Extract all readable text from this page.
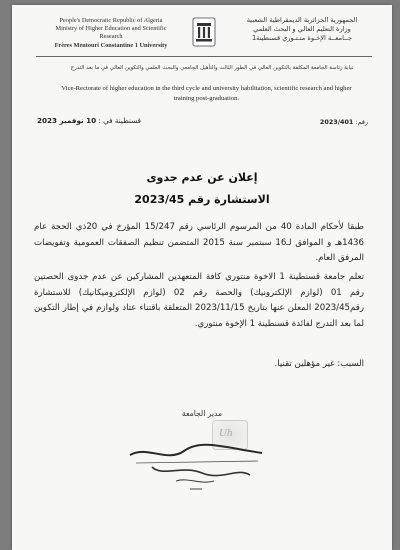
People's Democratic Republic of Algeria
Ministry of Higher Education and Scientific
Research
Frères Mentouri Constantine 1 University
الجمهورية الجزائرية الديمقراطية الشعبية
وزارة التعليم العالي و البحث العلمي
جــامعــة الإخـوة منـتـوري قسنطينة1
نيابة رئاسة الجامعة المكلفة بالتكوين العالي في الطور الثالث والتأهيل الجامعي والبحث العلمي والتكوين العالي في ما بعد التدرج
Vice-Rectorate of higher education in the third cycle and university habilitation, scientific research and higher training post-graduation.
قسنطينة في : 10 نوفمبر 2023	رقم: 2023/401
إعلان عن عدم جدوى
الاستشارة رقم 2023/45
طبقا لأحكام المادة 40 من المرسوم الرئاسي رقم 15/247 المؤرخ في 20ذي الحجة عام 1436هـ و الموافق لـ16 سبتمبر سنة 2015 المتضمن تنظيم الصفقات العمومية وتفويضات المرفق العام.
تعلم جامعة قسنطينة 1 الاخوة منتوري كافة المتعهدين المشاركين عن عدم جدوى الحصتين رقم 01 (لوازم الإلكترونيك) والحصة رقم 02 (لوازم الإلكتروميكانيك) للاستشارة رقم2023/45 المعلن عنها بتاريخ 2023/11/15 المتعلقة باقتناء عتاد ولوازم في إطار التكوين لما بعد التدرج لفائدة قسنطينة 1 الإخوة منتوري.
السبب: غير مؤهلين تقنيا.
مدير الجامعة
Uh
